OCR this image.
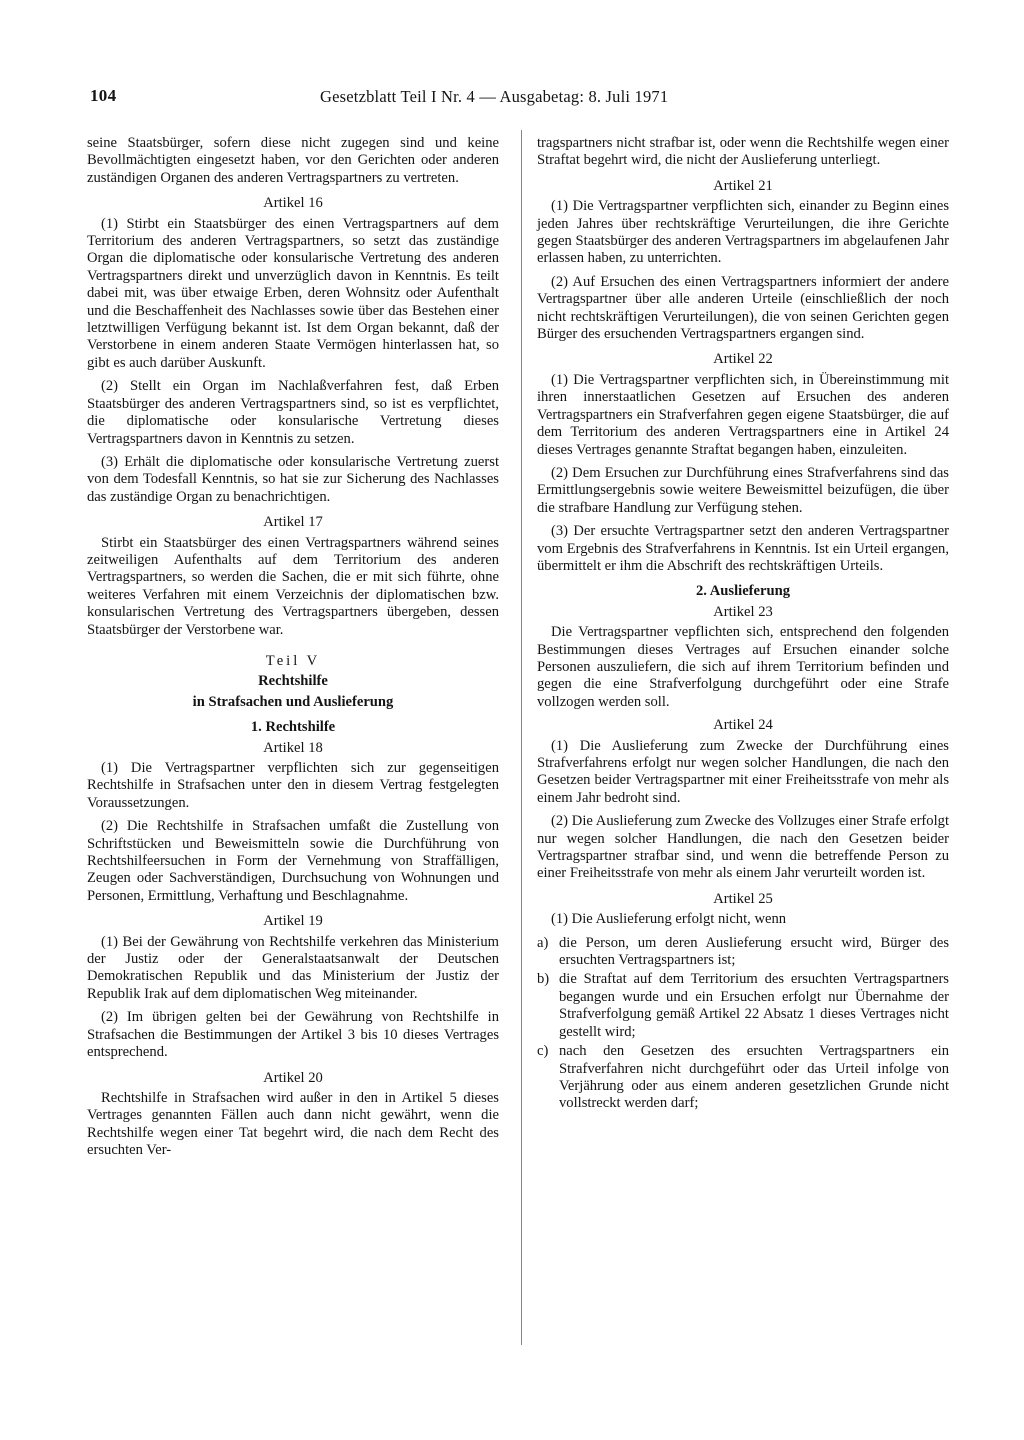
104	Gesetzblatt Teil I Nr. 4 — Ausgabetag: 8. Juli 1971

seine Staatsbürger, sofern diese nicht zugegen sind und keine Bevollmächtigten eingesetzt haben, vor den Gerichten oder anderen zuständigen Organen des anderen Vertragspartners zu vertreten.

Artikel 16

(1) Stirbt ein Staatsbürger des einen Vertragspartners auf dem Territorium des anderen Vertragspartners, so setzt das zuständige Organ die diplomatische oder konsularische Vertretung des anderen Vertragspartners direkt und unverzüglich davon in Kenntnis. Es teilt dabei mit, was über etwaige Erben, deren Wohnsitz oder Aufenthalt und die Beschaffenheit des Nachlasses sowie über das Bestehen einer letztwilligen Verfügung bekannt ist. Ist dem Organ bekannt, daß der Verstorbene in einem anderen Staate Vermögen hinterlassen hat, so gibt es auch darüber Auskunft.

(2) Stellt ein Organ im Nachlaßverfahren fest, daß Erben Staatsbürger des anderen Vertragspartners sind, so ist es verpflichtet, die diplomatische oder konsularische Vertretung dieses Vertragspartners davon in Kenntnis zu setzen.

(3) Erhält die diplomatische oder konsularische Vertretung zuerst von dem Todesfall Kenntnis, so hat sie zur Sicherung des Nachlasses das zuständige Organ zu benachrichtigen.

Artikel 17

Stirbt ein Staatsbürger des einen Vertragspartners während seines zeitweiligen Aufenthalts auf dem Territorium des anderen Vertragspartners, so werden die Sachen, die er mit sich führte, ohne weiteres Verfahren mit einem Verzeichnis der diplomatischen bzw. konsularischen Vertretung des Vertragspartners übergeben, dessen Staatsbürger der Verstorbene war.

Teil V
Rechtshilfe
in Strafsachen und Auslieferung
1. Rechtshilfe
Artikel 18

(1) Die Vertragspartner verpflichten sich zur gegenseitigen Rechtshilfe in Strafsachen unter den in diesem Vertrag festgelegten Voraussetzungen.

(2) Die Rechtshilfe in Strafsachen umfaßt die Zustellung von Schriftstücken und Beweismitteln sowie die Durchführung von Rechtshilfeersuchen in Form der Vernehmung von Straffälligen, Zeugen oder Sachverständigen, Durchsuchung von Wohnungen und Personen, Ermittlung, Verhaftung und Beschlagnahme.

Artikel 19

(1) Bei der Gewährung von Rechtshilfe verkehren das Ministerium der Justiz oder der Generalstaatsanwalt der Deutschen Demokratischen Republik und das Ministerium der Justiz der Republik Irak auf dem diplomatischen Weg miteinander.

(2) Im übrigen gelten bei der Gewährung von Rechtshilfe in Strafsachen die Bestimmungen der Artikel 3 bis 10 dieses Vertrages entsprechend.

Artikel 20

Rechtshilfe in Strafsachen wird außer in den in Artikel 5 dieses Vertrages genannten Fällen auch dann nicht gewährt, wenn die Rechtshilfe wegen einer Tat begehrt wird, die nach dem Recht des ersuchten Ver-

tragspartners nicht strafbar ist, oder wenn die Rechtshilfe wegen einer Straftat begehrt wird, die nicht der Auslieferung unterliegt.

Artikel 21

(1) Die Vertragspartner verpflichten sich, einander zu Beginn eines jeden Jahres über rechtskräftige Verurteilungen, die ihre Gerichte gegen Staatsbürger des anderen Vertragspartners im abgelaufenen Jahr erlassen haben, zu unterrichten.

(2) Auf Ersuchen des einen Vertragspartners informiert der andere Vertragspartner über alle anderen Urteile (einschließlich der noch nicht rechtskräftigen Verurteilungen), die von seinen Gerichten gegen Bürger des ersuchenden Vertragspartners ergangen sind.

Artikel 22

(1) Die Vertragspartner verpflichten sich, in Übereinstimmung mit ihren innerstaatlichen Gesetzen auf Ersuchen des anderen Vertragspartners ein Strafverfahren gegen eigene Staatsbürger, die auf dem Territorium des anderen Vertragspartners eine in Artikel 24 dieses Vertrages genannte Straftat begangen haben, einzuleiten.

(2) Dem Ersuchen zur Durchführung eines Strafverfahrens sind das Ermittlungsergebnis sowie weitere Beweismittel beizufügen, die über die strafbare Handlung zur Verfügung stehen.

(3) Der ersuchte Vertragspartner setzt den anderen Vertragspartner vom Ergebnis des Strafverfahrens in Kenntnis. Ist ein Urteil ergangen, übermittelt er ihm die Abschrift des rechtskräftigen Urteils.

2. Auslieferung
Artikel 23

Die Vertragspartner vepflichten sich, entsprechend den folgenden Bestimmungen dieses Vertrages auf Ersuchen einander solche Personen auszuliefern, die sich auf ihrem Territorium befinden und gegen die eine Strafverfolgung durchgeführt oder eine Strafe vollzogen werden soll.

Artikel 24

(1) Die Auslieferung zum Zwecke der Durchführung eines Strafverfahrens erfolgt nur wegen solcher Handlungen, die nach den Gesetzen beider Vertragspartner mit einer Freiheitsstrafe von mehr als einem Jahr bedroht sind.

(2) Die Auslieferung zum Zwecke des Vollzuges einer Strafe erfolgt nur wegen solcher Handlungen, die nach den Gesetzen beider Vertragspartner strafbar sind, und wenn die betreffende Person zu einer Freiheitsstrafe von mehr als einem Jahr verurteilt worden ist.

Artikel 25

(1) Die Auslieferung erfolgt nicht, wenn

a) die Person, um deren Auslieferung ersucht wird, Bürger des ersuchten Vertragspartners ist;
b) die Straftat auf dem Territorium des ersuchten Vertragspartners begangen wurde und ein Ersuchen erfolgt nur Übernahme der Strafverfolgung gemäß Artikel 22 Absatz 1 dieses Vertrages nicht gestellt wird;
c) nach den Gesetzen des ersuchten Vertragspartners ein Strafverfahren nicht durchgeführt oder das Urteil infolge von Verjährung oder aus einem anderen gesetzlichen Grunde nicht vollstreckt werden darf;
